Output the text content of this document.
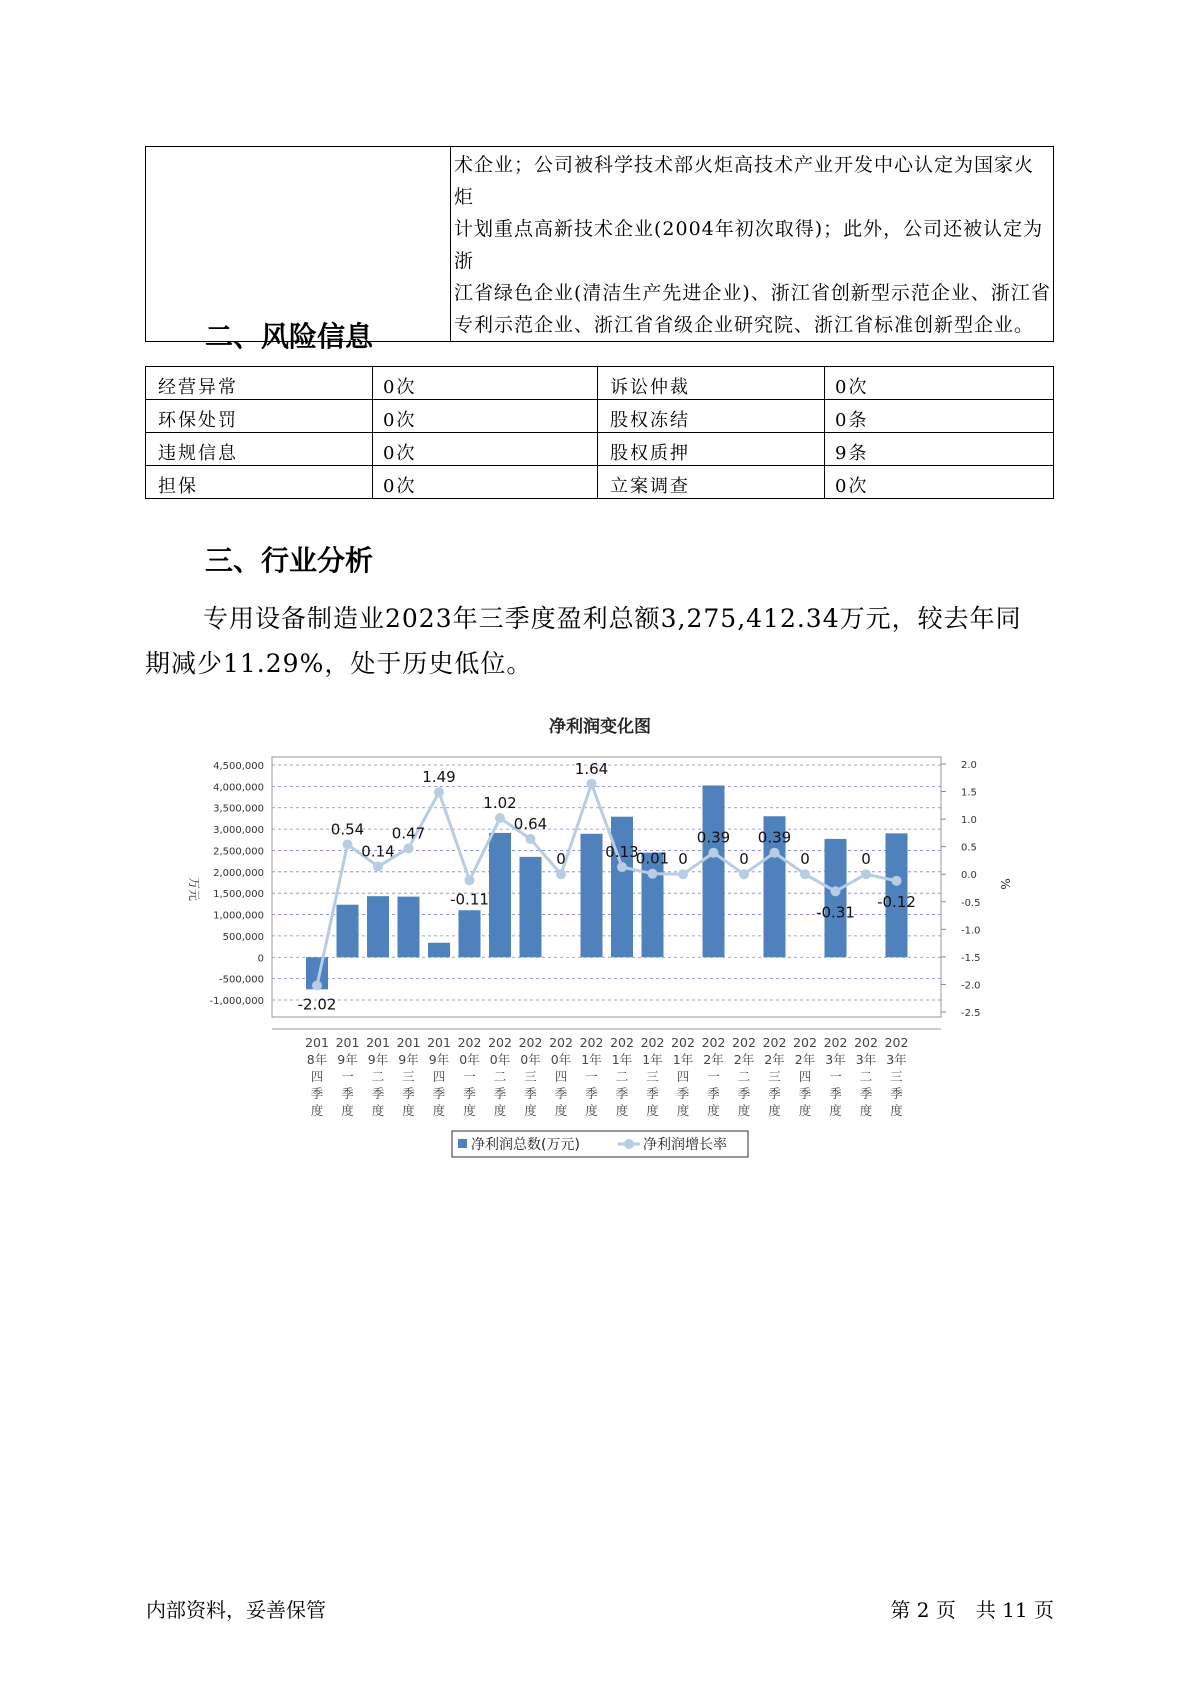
术企业；公司被科学技术部火炬高技术产业开发中心认定为国家火炬
计划重点高新技术企业(2004年初次取得)；此外，公司还被认定为浙
江省绿色企业(清洁生产先进企业)、浙江省创新型示范企业、浙江省
专利示范企业、浙江省省级企业研究院、浙江省标准创新型企业。
二、风险信息
经营异常	0次	诉讼仲裁	0次
环保处罚	0次	股权冻结	0条
违规信息	0次	股权质押	9条
担保	0次	立案调查	0次
三、行业分析
专用设备制造业2023年三季度盈利总额3,275,412.34万元，较去年同
期减少11.29%，处于历史低位。
净利润变化图
4,500,000
4,000,000
3,500,000
3,000,000
2,500,000
2,000,000
1,500,000
1,000,000
500,000
0
-500,000
-1,000,000
2.0
1.5
1.0
0.5
0.0
-0.5
-1.0
-1.5
-2.0
-2.5
-2.02
0.54
0.14
0.47
1.49
-0.11
1.02
0.64
0
1.64
0.13
0.01 0
0.39
0
0.39
0
-0.31
0
-0.12
201
8年
四
季
度
201
9年
一
季
度
201
9年
二
季
度
201
9年
三
季
度
201
9年
四
季
度
202
0年
一
季
度
202
0年
二
季
度
202
0年
三
季
度
202
0年
四
季
度
202
1年
一
季
度
202
1年
二
季
度
202
1年
三
季
度
202
1年
四
季
度
202
2年
一
季
度
202
2年
二
季
度
202
2年
三
季
度
202
2年
四
季
度
202
3年
一
季
度
202
3年
二
季
度
202
3年
三
季
度
万元	%
净利润总数(万元)	净利润增长率
内部资料，妥善保管	第 2 页　共 11 页
